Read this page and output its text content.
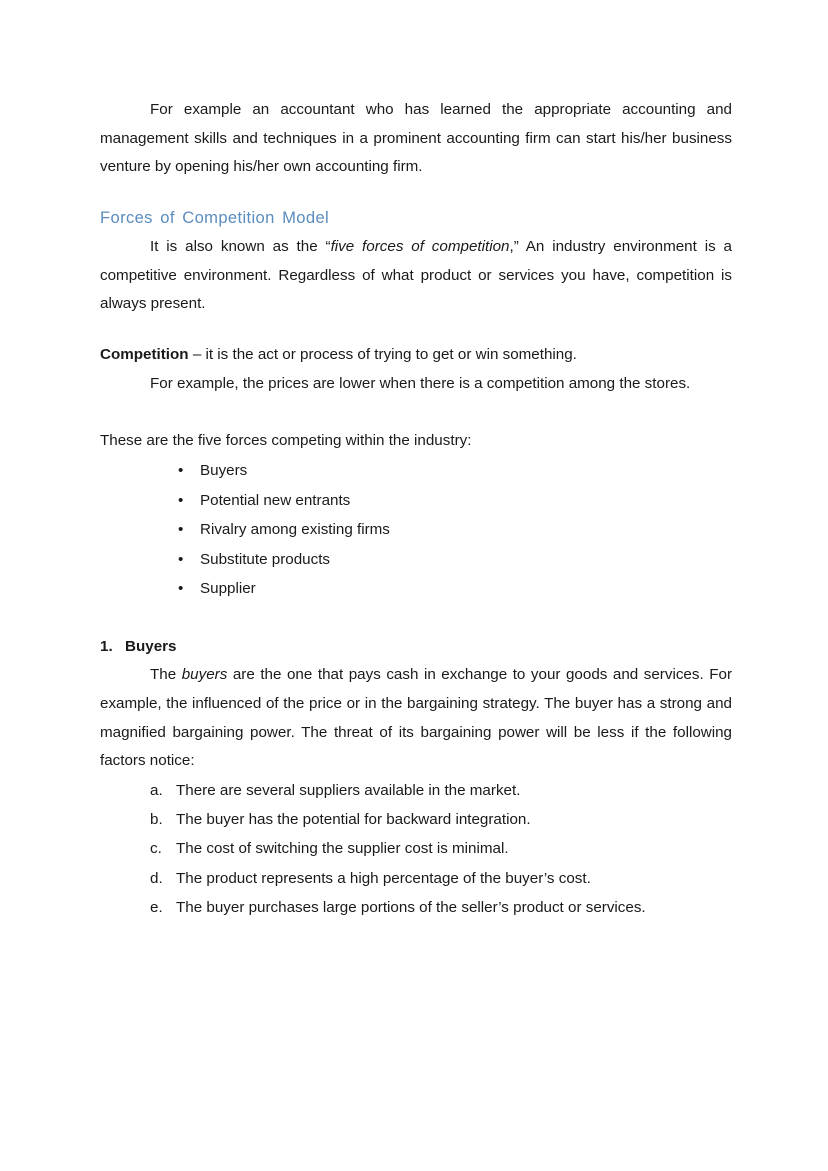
For example an accountant who has learned the appropriate accounting and management skills and techniques in a prominent accounting firm can start his/her business venture by opening his/her own accounting firm.

Forces of Competition Model

It is also known as the “five forces of competition,” An industry environment is a competitive environment. Regardless of what product or services you have, competition is always present.

Competition – it is the act or process of trying to get or win something.

For example, the prices are lower when there is a competition among the stores.

These are the five forces competing within the industry:

• Buyers
• Potential new entrants
• Rivalry among existing firms
• Substitute products
• Supplier
1. Buyers

The buyers are the one that pays cash in exchange to your goods and services. For example, the influenced of the price or in the bargaining strategy. The buyer has a strong and magnified bargaining power. The threat of its bargaining power will be less if the following factors notice:

a. There are several suppliers available in the market.
b. The buyer has the potential for backward integration.
c. The cost of switching the supplier cost is minimal.
d. The product represents a high percentage of the buyer’s cost.
e. The buyer purchases large portions of the seller’s product or services.
